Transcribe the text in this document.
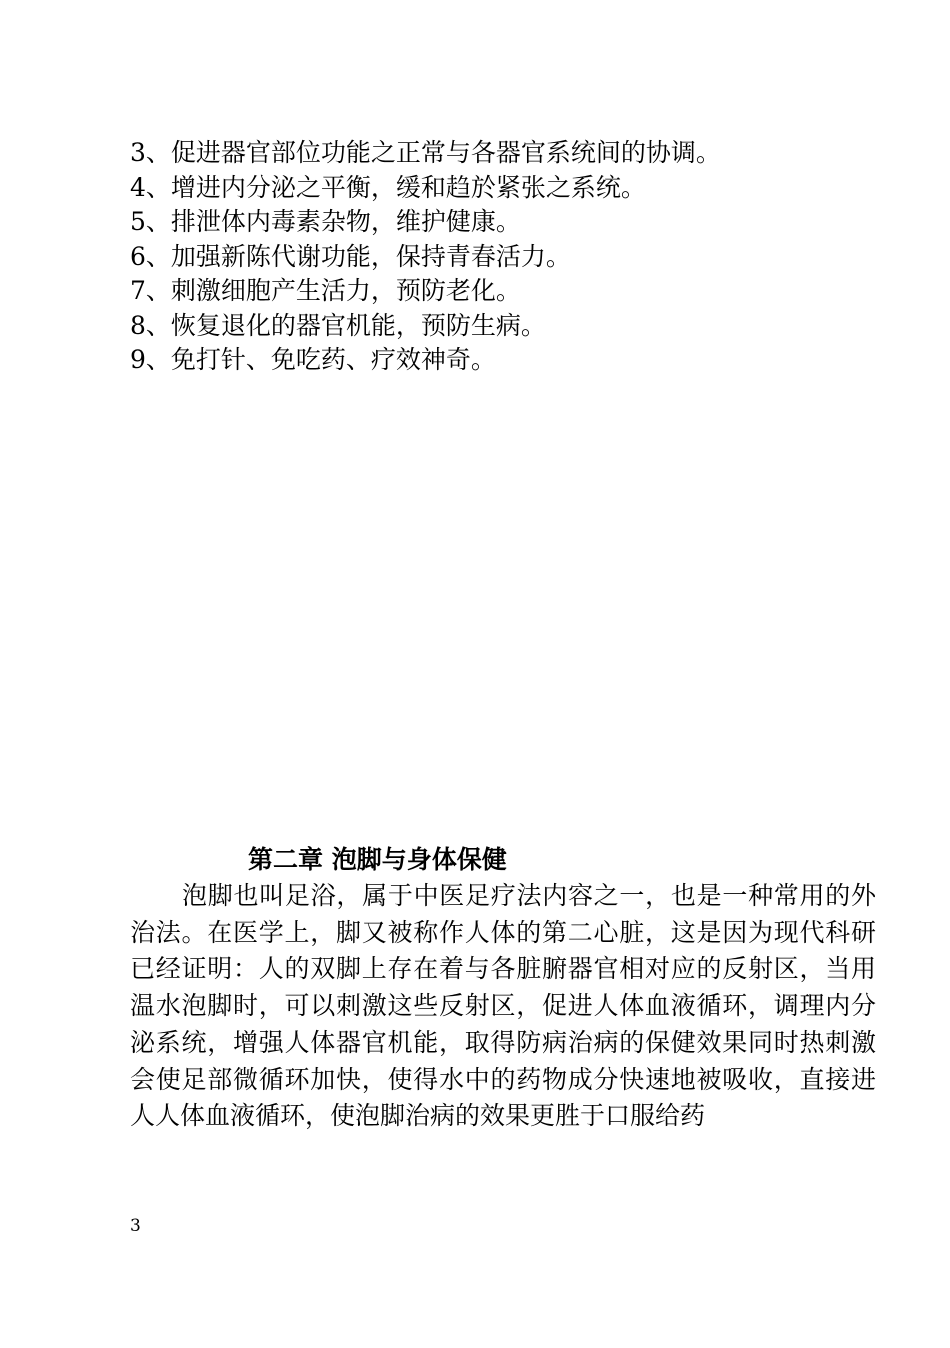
3、促进器官部位功能之正常与各器官系统间的协调。
4、增进内分泌之平衡，缓和趋於紧张之系统。
5、排泄体内毒素杂物，维护健康。
6、加强新陈代谢功能，保持青春活力。
7、刺激细胞产生活力，预防老化。
8、恢复退化的器官机能，预防生病。
9、免打针、免吃药、疗效神奇。
第二章 泡脚与身体保健

泡脚也叫足浴，属于中医足疗法内容之一，也是一种常用的外治法。在医学上，脚又被称作人体的第二心脏，这是因为现代科研已经证明：人的双脚上存在着与各脏腑器官相对应的反射区，当用温水泡脚时，可以刺激这些反射区，促进人体血液循环，调理内分泌系统，增强人体器官机能，取得防病治病的保健效果同时热刺激会使足部微循环加快，使得水中的药物成分快速地被吸收，直接进人人体血液循环，使泡脚治病的效果更胜于口服给药

3
